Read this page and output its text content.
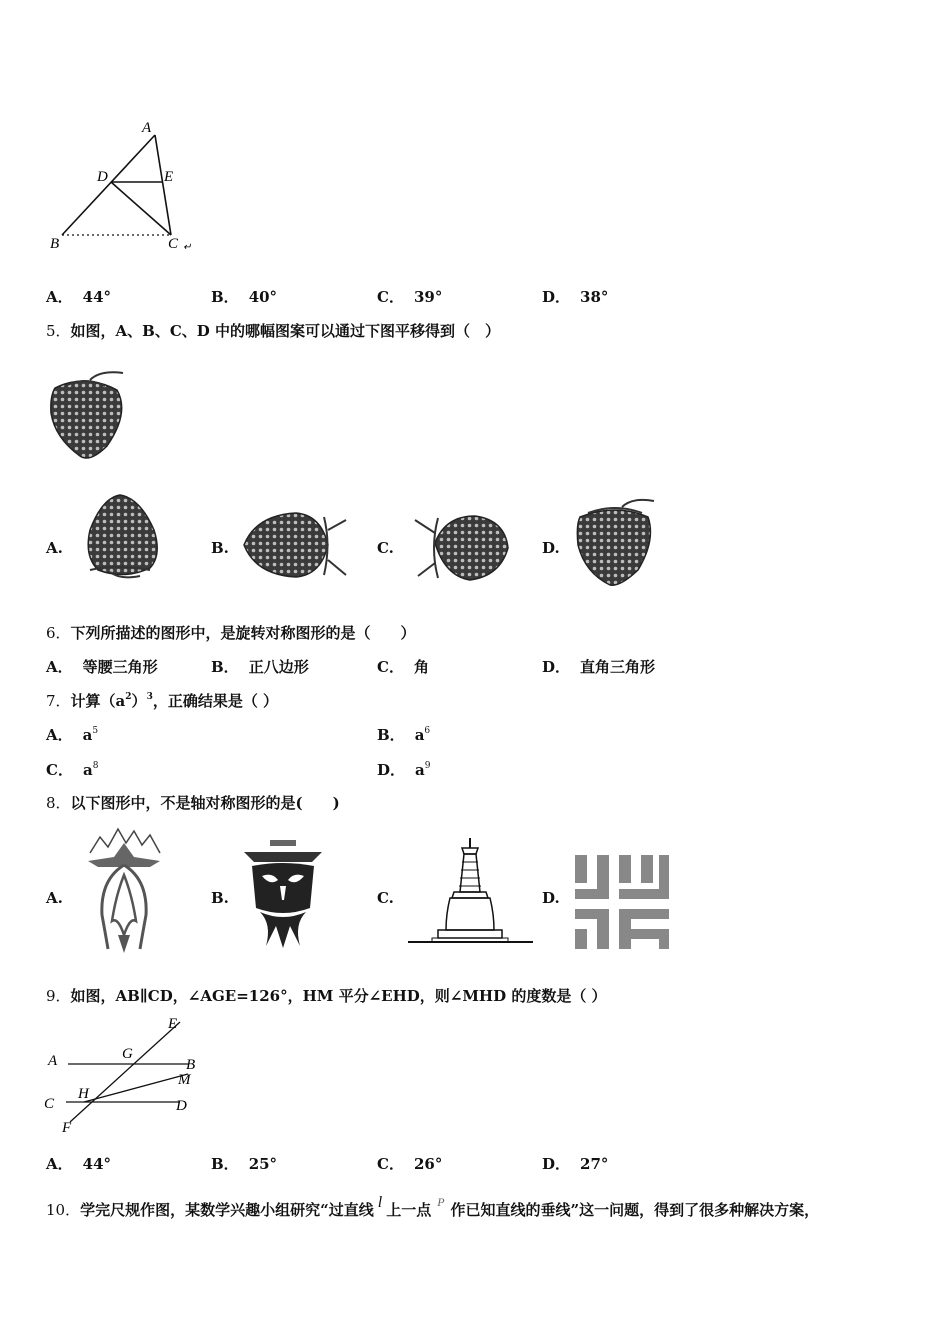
A
D	E
B	C ↵
A． 44°	B． 40°	C． 39°	D． 38°
5．如图，A、B、C、D 中的哪幅图案可以通过下图平移得到（　）
A.	B.	C.	D.
6．下列所描述的图形中，是旋转对称图形的是（　　）
A． 等腰三角形	B． 正八边形	C． 角	D． 直角三角形
7．计算$(a^2)^3$，正确结果是（ ）
A． $a^5$	B． $a^6$
C． $a^8$	D． $a^9$
8．以下图形中，不是轴对称图形的是(　　)
A.	B.	C.	D.
9．如图，AB∥CD，∠AGE=126°，HM 平分∠EHD，则∠MHD 的度数是（ ）
E
A	G
B
M
H
C	D
F
A． 44°	B． 25°	C． 26°	D． 27°
10．学完尺规作图，某数学兴趣小组研究“过直线 l 上一点 $^P$ 作已知直线的垂线”这一问题，得到了很多种解决方案，
